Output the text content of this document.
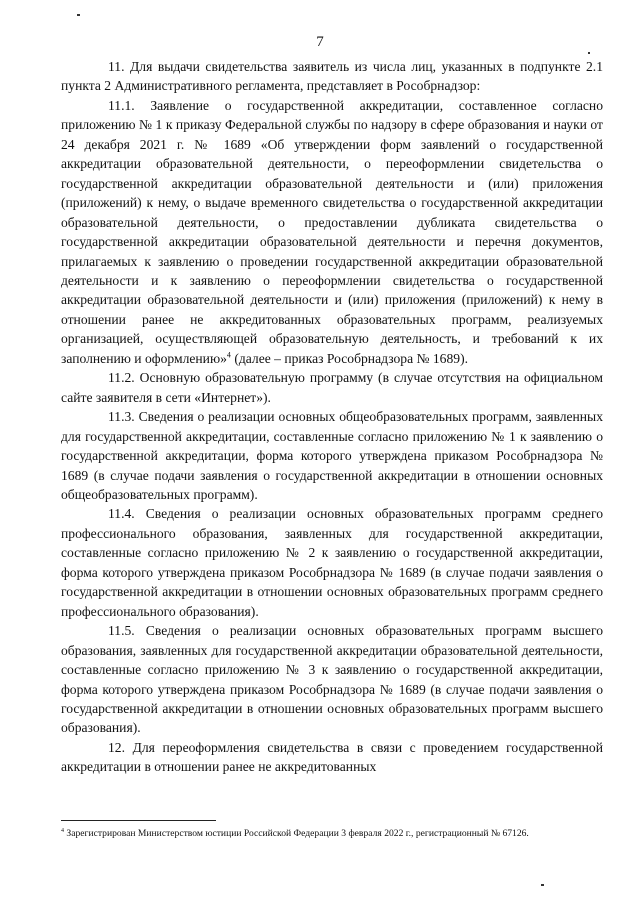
7

11. Для выдачи свидетельства заявитель из числа лиц, указанных в подпункте 2.1 пункта 2 Административного регламента, представляет в Рособрнадзор:

11.1. Заявление о государственной аккредитации, составленное согласно приложению № 1 к приказу Федеральной службы по надзору в сфере образования и науки от 24 декабря 2021 г. № 1689 «Об утверждении форм заявлений о государственной аккредитации образовательной деятельности, о переоформлении свидетельства о государственной аккредитации образовательной деятельности и (или) приложения (приложений) к нему, о выдаче временного свидетельства о государственной аккредитации образовательной деятельности, о предоставлении дубликата свидетельства о государственной аккредитации образовательной деятельности и перечня документов, прилагаемых к заявлению о проведении государственной аккредитации образовательной деятельности и к заявлению о переоформлении свидетельства о государственной аккредитации образовательной деятельности и (или) приложения (приложений) к нему в отношении ранее не аккредитованных образовательных программ, реализуемых организацией, осуществляющей образовательную деятельность, и требований к их заполнению и оформлению»$^4$ (далее – приказ Рособрнадзора № 1689).

11.2. Основную образовательную программу (в случае отсутствия на официальном сайте заявителя в сети «Интернет»).

11.3. Сведения о реализации основных общеобразовательных программ, заявленных для государственной аккредитации, составленные согласно приложению № 1 к заявлению о государственной аккредитации, форма которого утверждена приказом Рособрнадзора № 1689 (в случае подачи заявления о государственной аккредитации в отношении основных общеобразовательных программ).

11.4. Сведения о реализации основных образовательных программ среднего профессионального образования, заявленных для государственной аккредитации, составленные согласно приложению № 2 к заявлению о государственной аккредитации, форма которого утверждена приказом Рособрнадзора № 1689 (в случае подачи заявления о государственной аккредитации в отношении основных образовательных программ среднего профессионального образования).

11.5. Сведения о реализации основных образовательных программ высшего образования, заявленных для государственной аккредитации образовательной деятельности, составленные согласно приложению № 3 к заявлению о государственной аккредитации, форма которого утверждена приказом Рособрнадзора № 1689 (в случае подачи заявления о государственной аккредитации в отношении основных образовательных программ высшего образования).

12. Для переоформления свидетельства в связи с проведением государственной аккредитации в отношении ранее не аккредитованных

$^4$ Зарегистрирован Министерством юстиции Российской Федерации 3 февраля 2022 г., регистрационный № 67126.
